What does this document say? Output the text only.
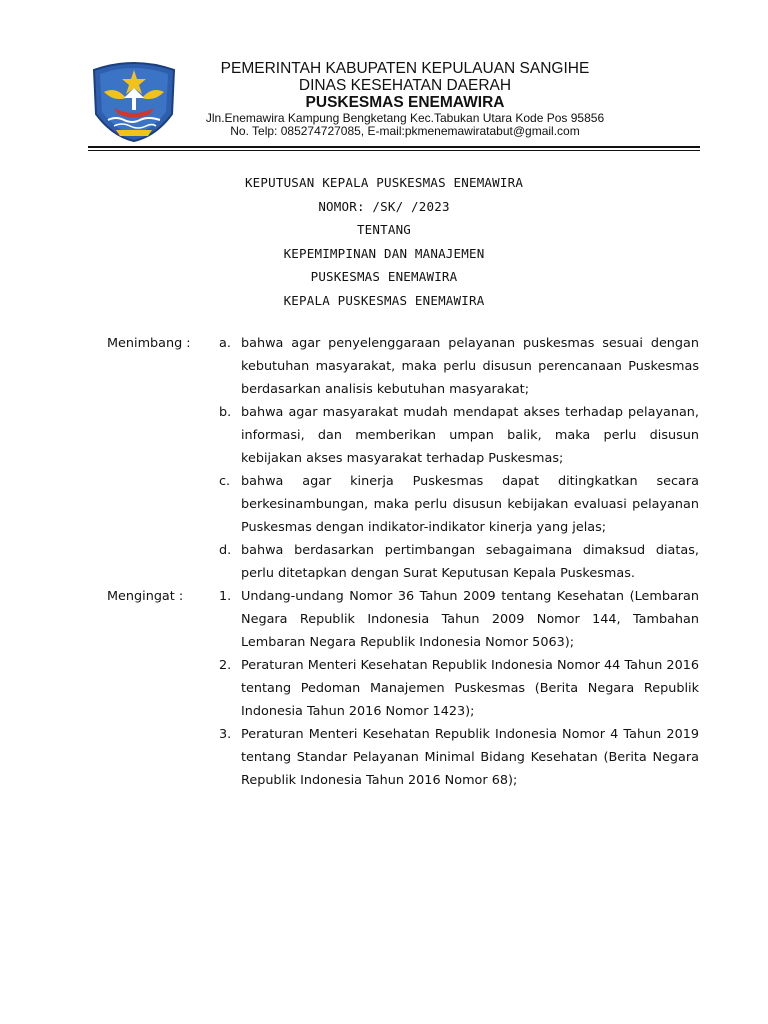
PEMERINTAH KABUPATEN KEPULAUAN SANGIHE
DINAS KESEHATAN DAERAH
PUSKESMAS ENEMAWIRA
Jln.Enemawira Kampung Bengketang Kec.Tabukan Utara Kode Pos 95856
No. Telp: 085274727085, E-mail:pkmenemawiratabut@gmail.com
KEPUTUSAN KEPALA PUSKESMAS ENEMAWIRA
NOMOR: /SK/ /2023
TENTANG
KEPEMIMPINAN DAN MANAJEMEN
PUSKESMAS ENEMAWIRA
KEPALA PUSKESMAS ENEMAWIRA
Menimbang :	a. bahwa agar penyelenggaraan pelayanan puskesmas sesuai dengan kebutuhan masyarakat, maka perlu disusun perencanaan Puskesmas berdasarkan analisis kebutuhan masyarakat;
b. bahwa agar masyarakat mudah mendapat akses terhadap pelayanan, informasi, dan memberikan umpan balik, maka perlu disusun kebijakan akses masyarakat terhadap Puskesmas;
c. bahwa agar kinerja Puskesmas dapat ditingkatkan secara berkesinambungan, maka perlu disusun kebijakan evaluasi pelayanan Puskesmas dengan indikator-indikator kinerja yang jelas;
d. bahwa berdasarkan pertimbangan sebagaimana dimaksud diatas, perlu ditetapkan dengan Surat Keputusan Kepala Puskesmas.
Mengingat :	1. Undang-undang Nomor 36 Tahun 2009 tentang Kesehatan (Lembaran Negara Republik Indonesia Tahun 2009 Nomor 144, Tambahan Lembaran Negara Republik Indonesia Nomor 5063);
2. Peraturan Menteri Kesehatan Republik Indonesia Nomor 44 Tahun 2016 tentang Pedoman Manajemen Puskesmas (Berita Negara Republik Indonesia Tahun 2016 Nomor 1423);
3. Peraturan Menteri Kesehatan Republik Indonesia Nomor 4 Tahun 2019 tentang Standar Pelayanan Minimal Bidang Kesehatan (Berita Negara Republik Indonesia Tahun 2016 Nomor 68);
